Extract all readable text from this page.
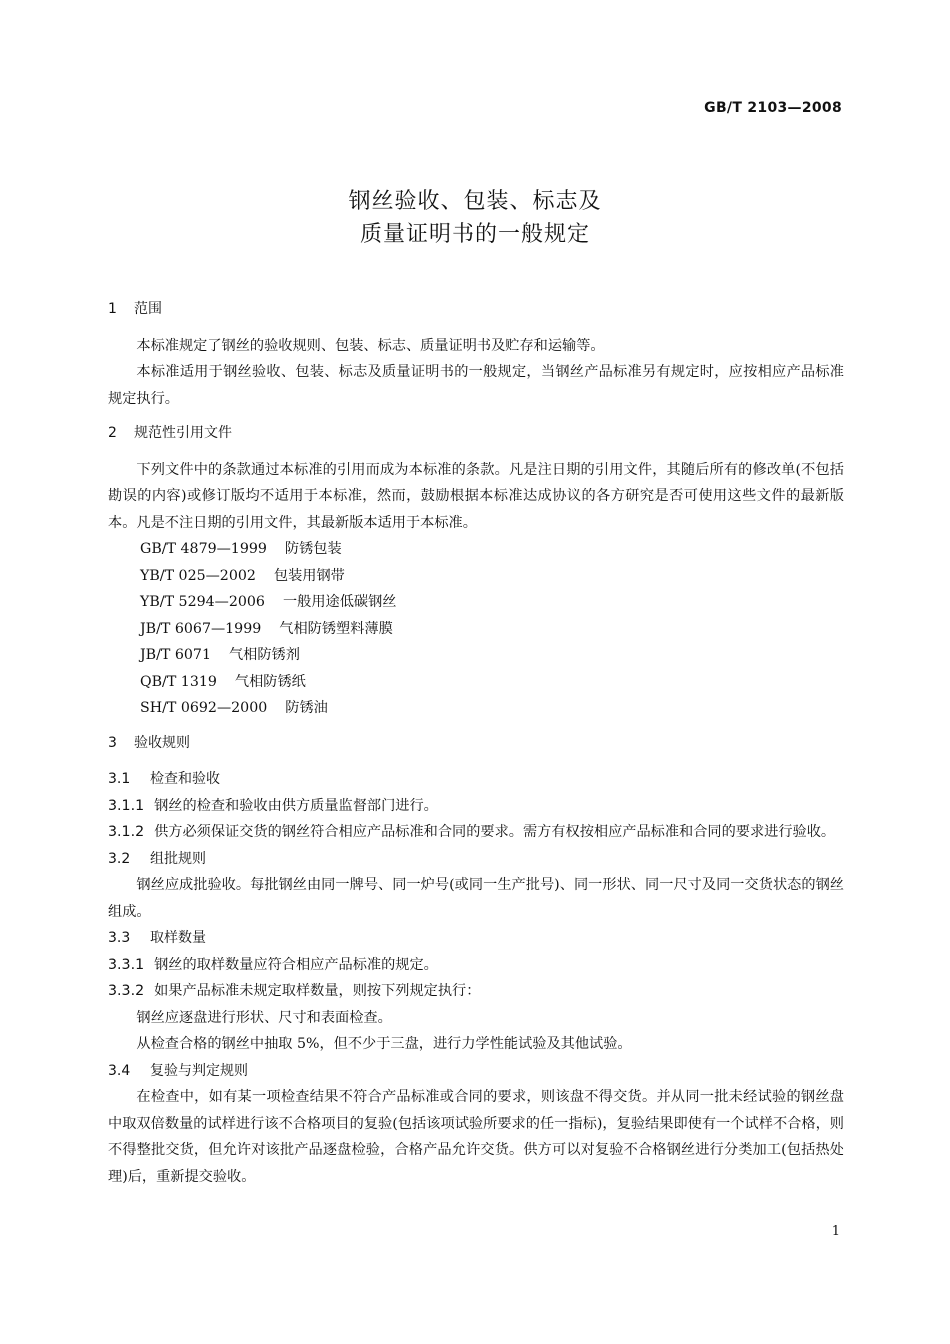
GB/T 2103—2008
钢丝验收、包装、标志及
质量证明书的一般规定
1 范围
本标准规定了钢丝的验收规则、包装、标志、质量证明书及贮存和运输等。
本标准适用于钢丝验收、包装、标志及质量证明书的一般规定，当钢丝产品标准另有规定时，应按相应产品标准规定执行。
2 规范性引用文件
下列文件中的条款通过本标准的引用而成为本标准的条款。凡是注日期的引用文件，其随后所有的修改单(不包括勘误的内容)或修订版均不适用于本标准，然而，鼓励根据本标准达成协议的各方研究是否可使用这些文件的最新版本。凡是不注日期的引用文件，其最新版本适用于本标准。
GB/T 4879—1999 防锈包装
YB/T 025—2002 包装用钢带
YB/T 5294—2006 一般用途低碳钢丝
JB/T 6067—1999 气相防锈塑料薄膜
JB/T 6071 气相防锈剂
QB/T 1319 气相防锈纸
SH/T 0692—2000 防锈油
3 验收规则
3.1 检查和验收
3.1.1 钢丝的检查和验收由供方质量监督部门进行。
3.1.2 供方必须保证交货的钢丝符合相应产品标准和合同的要求。需方有权按相应产品标准和合同的要求进行验收。
3.2 组批规则
钢丝应成批验收。每批钢丝由同一牌号、同一炉号(或同一生产批号)、同一形状、同一尺寸及同一交货状态的钢丝组成。
3.3 取样数量
3.3.1 钢丝的取样数量应符合相应产品标准的规定。
3.3.2 如果产品标准未规定取样数量，则按下列规定执行：
钢丝应逐盘进行形状、尺寸和表面检查。
从检查合格的钢丝中抽取 5%，但不少于三盘，进行力学性能试验及其他试验。
3.4 复验与判定规则
在检查中，如有某一项检查结果不符合产品标准或合同的要求，则该盘不得交货。并从同一批未经试验的钢丝盘中取双倍数量的试样进行该不合格项目的复验(包括该项试验所要求的任一指标)，复验结果即使有一个试样不合格，则不得整批交货，但允许对该批产品逐盘检验，合格产品允许交货。供方可以对复验不合格钢丝进行分类加工(包括热处理)后，重新提交验收。
1
